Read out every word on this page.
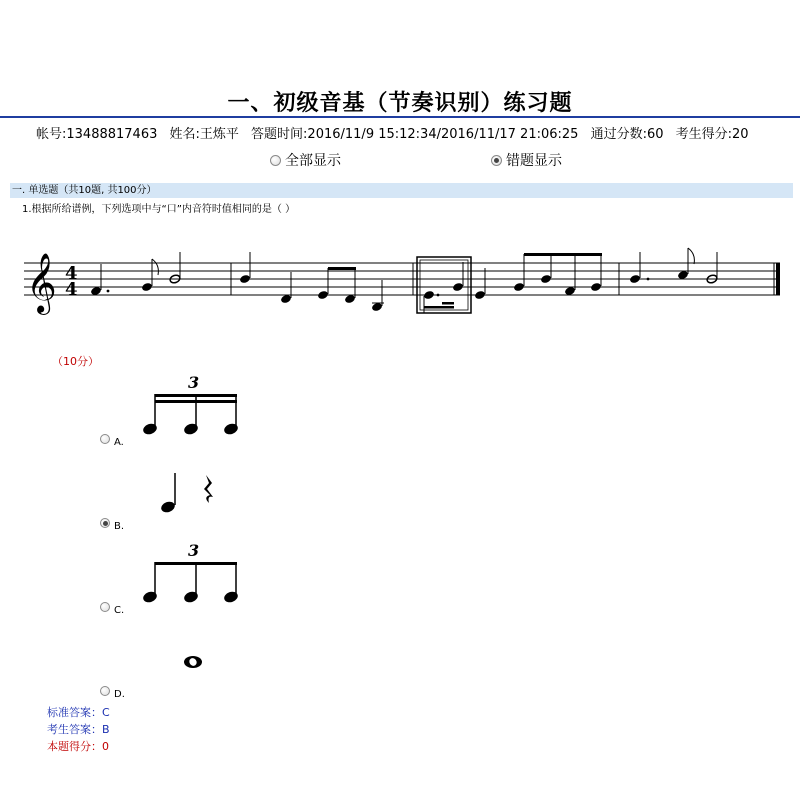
一、初级音基（节奏识别）练习题
帐号:13488817463 姓名:王炼平 答题时间:2016/11/9 15:12:34/2016/11/17 21:06:25 通过分数:60 考生得分:20
全部显示	错题显示
一. 单选题（共10题, 共100分）
1.根据所给谱例，下列选项中与“口”内音符时值相同的是（ ）
𝄞 4
4
（10分）
A.
3
B.
C.
3
D.
标准答案：C
考生答案：B
本题得分：0
